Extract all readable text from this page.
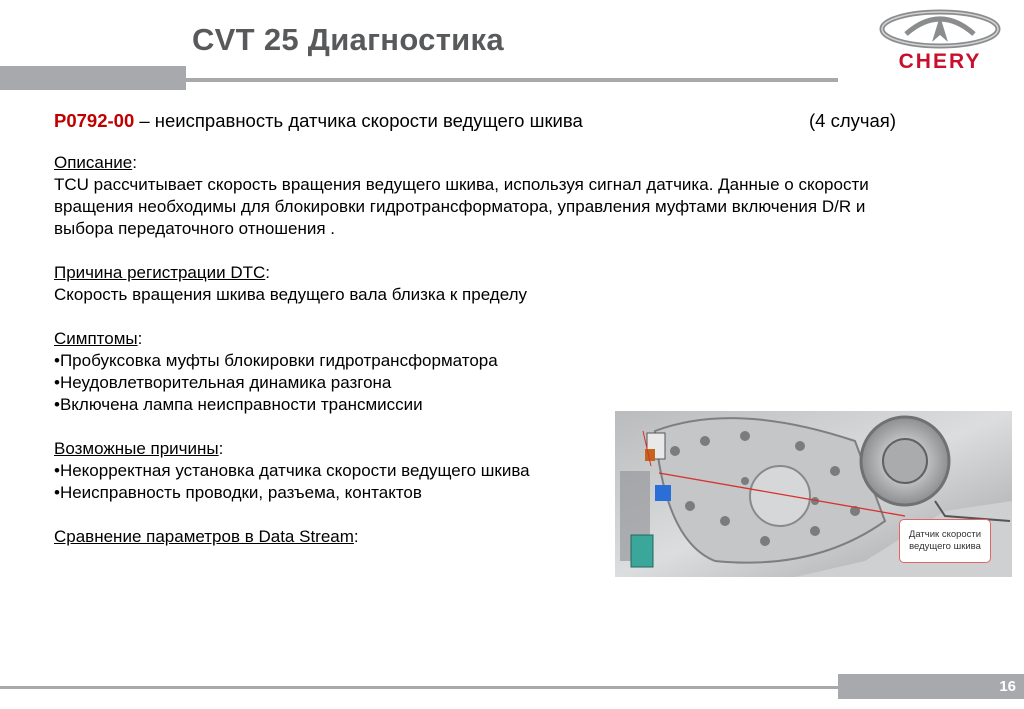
CVT 25 Диагностика
CHERY

P0792-00 – неисправность датчика скорости ведущего шкива	(4 случая)

Описание:

TCU рассчитывает скорость вращения ведущего шкива, используя сигнал датчика. Данные о скорости

вращения необходимы для блокировки гидротрансформатора, управления муфтами включения D/R и

выбора передаточного отношения .

Причина регистрации DTC:

Скорость вращения шкива ведущего вала близка к пределу

Симптомы:

•Пробуксовка муфты блокировки гидротрансформатора

•Неудовлетворительная динамика разгона

•Включена лампа неисправности трансмиссии

Возможные причины:

•Некорректная установка датчика скорости ведущего шкива

•Неисправность проводки, разъема, контактов

Сравнение параметров в Data Stream:	Датчик скорости ведущего шкива
16
